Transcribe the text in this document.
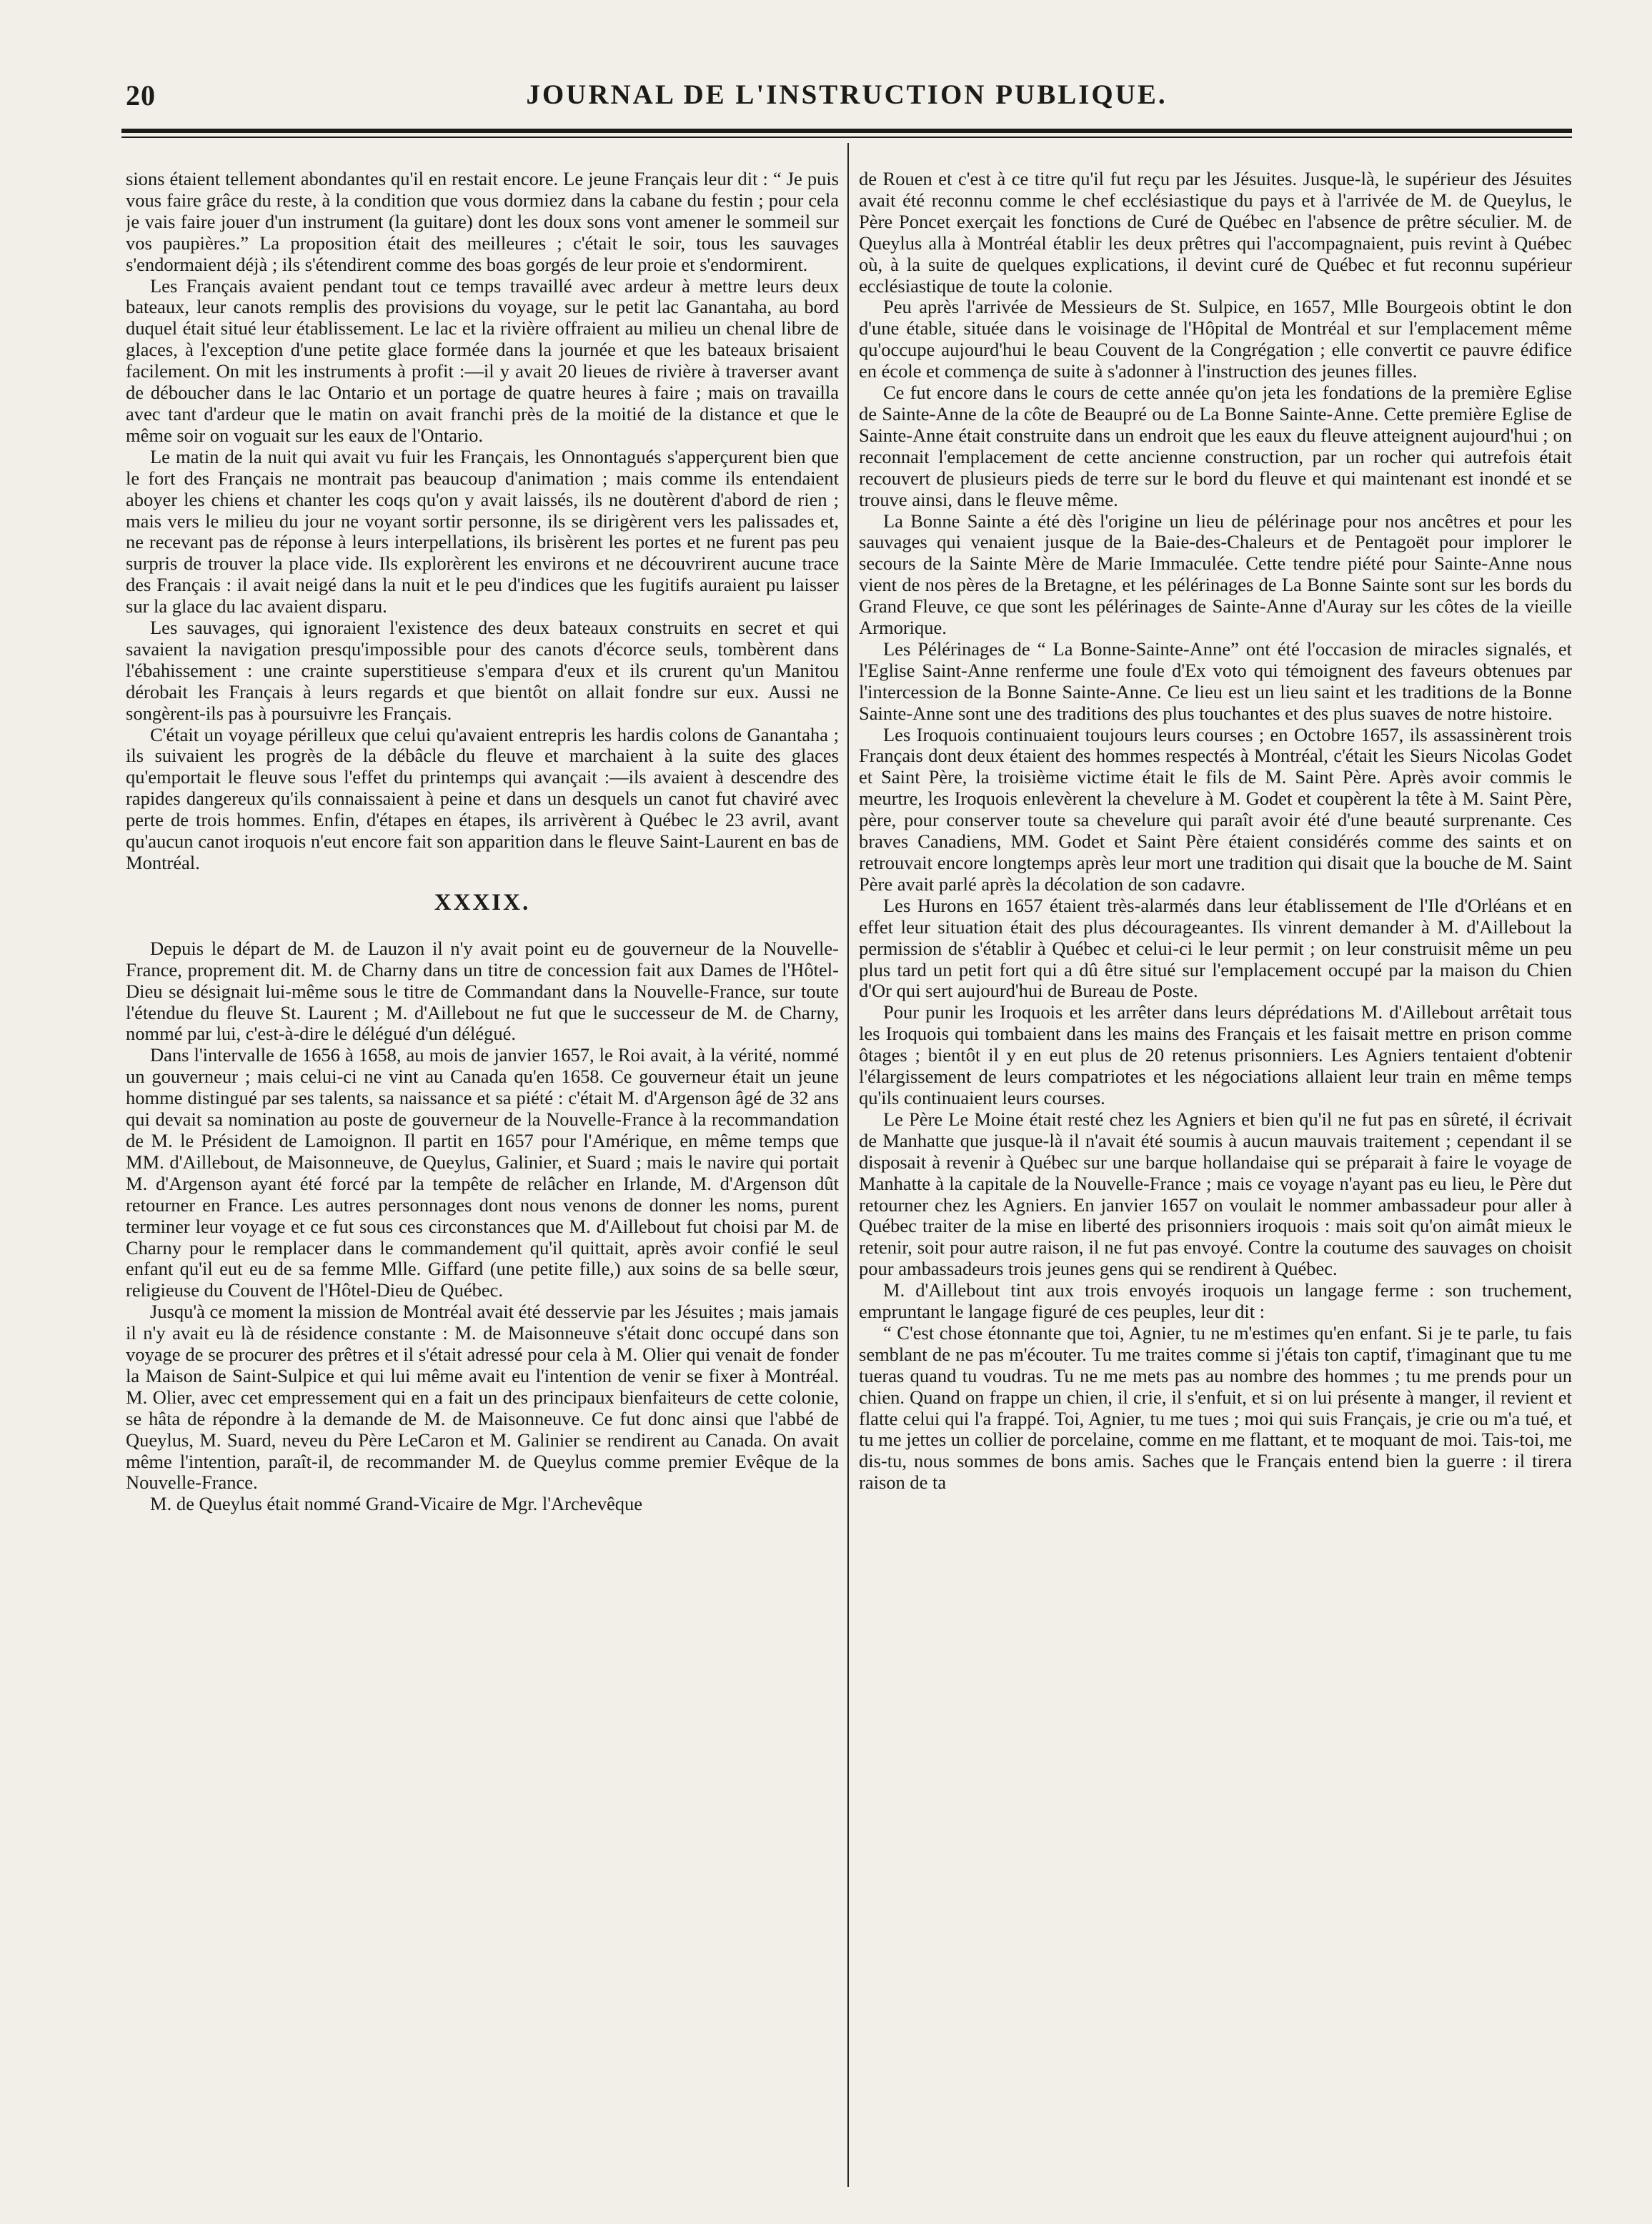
20	JOURNAL DE L'INSTRUCTION PUBLIQUE.

sions étaient tellement abondantes qu'il en restait encore. Le jeune Français leur dit : “ Je puis vous faire grâce du reste, à la condition que vous dormiez dans la cabane du festin ; pour cela je vais faire jouer d'un instrument (la guitare) dont les doux sons vont amener le sommeil sur vos paupières.” La proposition était des meilleures ; c'était le soir, tous les sauvages s'endormaient déjà ; ils s'étendirent comme des boas gorgés de leur proie et s'endormirent.

Les Français avaient pendant tout ce temps travaillé avec ardeur à mettre leurs deux bateaux, leur canots remplis des provisions du voyage, sur le petit lac Ganantaha, au bord duquel était situé leur établissement. Le lac et la rivière offraient au milieu un chenal libre de glaces, à l'exception d'une petite glace formée dans la journée et que les bateaux brisaient facilement. On mit les instruments à profit :—il y avait 20 lieues de rivière à traverser avant de déboucher dans le lac Ontario et un portage de quatre heures à faire ; mais on travailla avec tant d'ardeur que le matin on avait franchi près de la moitié de la distance et que le même soir on voguait sur les eaux de l'Ontario.

Le matin de la nuit qui avait vu fuir les Français, les Onnontagués s'apperçurent bien que le fort des Français ne montrait pas beaucoup d'animation ; mais comme ils entendaient aboyer les chiens et chanter les coqs qu'on y avait laissés, ils ne doutèrent d'abord de rien ; mais vers le milieu du jour ne voyant sortir personne, ils se dirigèrent vers les palissades et, ne recevant pas de réponse à leurs interpellations, ils brisèrent les portes et ne furent pas peu surpris de trouver la place vide. Ils explorèrent les environs et ne découvrirent aucune trace des Français : il avait neigé dans la nuit et le peu d'indices que les fugitifs auraient pu laisser sur la glace du lac avaient disparu.

Les sauvages, qui ignoraient l'existence des deux bateaux construits en secret et qui savaient la navigation presqu'impossible pour des canots d'écorce seuls, tombèrent dans l'ébahissement : une crainte superstitieuse s'empara d'eux et ils crurent qu'un Manitou dérobait les Français à leurs regards et que bientôt on allait fondre sur eux. Aussi ne songèrent-ils pas à poursuivre les Français.

C'était un voyage périlleux que celui qu'avaient entrepris les hardis colons de Ganantaha ; ils suivaient les progrès de la débâcle du fleuve et marchaient à la suite des glaces qu'emportait le fleuve sous l'effet du printemps qui avançait :—ils avaient à descendre des rapides dangereux qu'ils connaissaient à peine et dans un desquels un canot fut chaviré avec perte de trois hommes. Enfin, d'étapes en étapes, ils arrivèrent à Québec le 23 avril, avant qu'aucun canot iroquois n'eut encore fait son apparition dans le fleuve Saint-Laurent en bas de Montréal.

XXXIX.

Depuis le départ de M. de Lauzon il n'y avait point eu de gouverneur de la Nouvelle-France, proprement dit. M. de Charny dans un titre de concession fait aux Dames de l'Hôtel-Dieu se désignait lui-même sous le titre de Commandant dans la Nouvelle-France, sur toute l'étendue du fleuve St. Laurent ; M. d'Aillebout ne fut que le successeur de M. de Charny, nommé par lui, c'est-à-dire le délégué d'un délégué.

Dans l'intervalle de 1656 à 1658, au mois de janvier 1657, le Roi avait, à la vérité, nommé un gouverneur ; mais celui-ci ne vint au Canada qu'en 1658. Ce gouverneur était un jeune homme distingué par ses talents, sa naissance et sa piété : c'était M. d'Argenson âgé de 32 ans qui devait sa nomination au poste de gouverneur de la Nouvelle-France à la recommandation de M. le Président de Lamoignon. Il partit en 1657 pour l'Amérique, en même temps que MM. d'Aillebout, de Maisonneuve, de Queylus, Galinier, et Suard ; mais le navire qui portait M. d'Argenson ayant été forcé par la tempête de relâcher en Irlande, M. d'Argenson dût retourner en France. Les autres personnages dont nous venons de donner les noms, purent terminer leur voyage et ce fut sous ces circonstances que M. d'Aillebout fut choisi par M. de Charny pour le remplacer dans le commandement qu'il quittait, après avoir confié le seul enfant qu'il eut eu de sa femme Mlle. Giffard (une petite fille,) aux soins de sa belle sœur, religieuse du Couvent de l'Hôtel-Dieu de Québec.

Jusqu'à ce moment la mission de Montréal avait été desservie par les Jésuites ; mais jamais il n'y avait eu là de résidence constante : M. de Maisonneuve s'était donc occupé dans son voyage de se procurer des prêtres et il s'était adressé pour cela à M. Olier qui venait de fonder la Maison de Saint-Sulpice et qui lui même avait eu l'intention de venir se fixer à Montréal. M. Olier, avec cet empressement qui en a fait un des principaux bienfaiteurs de cette colonie, se hâta de répondre à la demande de M. de Maisonneuve. Ce fut donc ainsi que l'abbé de Queylus, M. Suard, neveu du Père LeCaron et M. Galinier se rendirent au Canada. On avait même l'intention, paraît-il, de recommander M. de Queylus comme premier Evêque de la Nouvelle-France.

M. de Queylus était nommé Grand-Vicaire de Mgr. l'Archevêque

de Rouen et c'est à ce titre qu'il fut reçu par les Jésuites. Jusque-là, le supérieur des Jésuites avait été reconnu comme le chef ecclésiastique du pays et à l'arrivée de M. de Queylus, le Père Poncet exerçait les fonctions de Curé de Québec en l'absence de prêtre séculier. M. de Queylus alla à Montréal établir les deux prêtres qui l'accompagnaient, puis revint à Québec où, à la suite de quelques explications, il devint curé de Québec et fut reconnu supérieur ecclésiastique de toute la colonie.

Peu après l'arrivée de Messieurs de St. Sulpice, en 1657, Mlle Bourgeois obtint le don d'une étable, située dans le voisinage de l'Hôpital de Montréal et sur l'emplacement même qu'occupe aujourd'hui le beau Couvent de la Congrégation ; elle convertit ce pauvre édifice en école et commença de suite à s'adonner à l'instruction des jeunes filles.

Ce fut encore dans le cours de cette année qu'on jeta les fondations de la première Eglise de Sainte-Anne de la côte de Beaupré ou de La Bonne Sainte-Anne. Cette première Eglise de Sainte-Anne était construite dans un endroit que les eaux du fleuve atteignent aujourd'hui ; on reconnait l'emplacement de cette ancienne construction, par un rocher qui autrefois était recouvert de plusieurs pieds de terre sur le bord du fleuve et qui maintenant est inondé et se trouve ainsi, dans le fleuve même.

La Bonne Sainte a été dès l'origine un lieu de pélérinage pour nos ancêtres et pour les sauvages qui venaient jusque de la Baie-des-Chaleurs et de Pentagoët pour implorer le secours de la Sainte Mère de Marie Immaculée. Cette tendre piété pour Sainte-Anne nous vient de nos pères de la Bretagne, et les pélérinages de La Bonne Sainte sont sur les bords du Grand Fleuve, ce que sont les pélérinages de Sainte-Anne d'Auray sur les côtes de la vieille Armorique.

Les Pélérinages de “ La Bonne-Sainte-Anne” ont été l'occasion de miracles signalés, et l'Eglise Saint-Anne renferme une foule d'Ex voto qui témoignent des faveurs obtenues par l'intercession de la Bonne Sainte-Anne. Ce lieu est un lieu saint et les traditions de la Bonne Sainte-Anne sont une des traditions des plus touchantes et des plus suaves de notre histoire.

Les Iroquois continuaient toujours leurs courses ; en Octobre 1657, ils assassinèrent trois Français dont deux étaient des hommes respectés à Montréal, c'était les Sieurs Nicolas Godet et Saint Père, la troisième victime était le fils de M. Saint Père. Après avoir commis le meurtre, les Iroquois enlevèrent la chevelure à M. Godet et coupèrent la tête à M. Saint Père, père, pour conserver toute sa chevelure qui paraît avoir été d'une beauté surprenante. Ces braves Canadiens, MM. Godet et Saint Père étaient considérés comme des saints et on retrouvait encore longtemps après leur mort une tradition qui disait que la bouche de M. Saint Père avait parlé après la décolation de son cadavre.

Les Hurons en 1657 étaient très-alarmés dans leur établissement de l'Ile d'Orléans et en effet leur situation était des plus décourageantes. Ils vinrent demander à M. d'Aillebout la permission de s'établir à Québec et celui-ci le leur permit ; on leur construisit même un peu plus tard un petit fort qui a dû être situé sur l'emplacement occupé par la maison du Chien d'Or qui sert aujourd'hui de Bureau de Poste.

Pour punir les Iroquois et les arrêter dans leurs déprédations M. d'Aillebout arrêtait tous les Iroquois qui tombaient dans les mains des Français et les faisait mettre en prison comme ôtages ; bientôt il y en eut plus de 20 retenus prisonniers. Les Agniers tentaient d'obtenir l'élargissement de leurs compatriotes et les négociations allaient leur train en même temps qu'ils continuaient leurs courses.

Le Père Le Moine était resté chez les Agniers et bien qu'il ne fut pas en sûreté, il écrivait de Manhatte que jusque-là il n'avait été soumis à aucun mauvais traitement ; cependant il se disposait à revenir à Québec sur une barque hollandaise qui se préparait à faire le voyage de Manhatte à la capitale de la Nouvelle-France ; mais ce voyage n'ayant pas eu lieu, le Père dut retourner chez les Agniers. En janvier 1657 on voulait le nommer ambassadeur pour aller à Québec traiter de la mise en liberté des prisonniers iroquois : mais soit qu'on aimât mieux le retenir, soit pour autre raison, il ne fut pas envoyé. Contre la coutume des sauvages on choisit pour ambassadeurs trois jeunes gens qui se rendirent à Québec.

M. d'Aillebout tint aux trois envoyés iroquois un langage ferme : son truchement, empruntant le langage figuré de ces peuples, leur dit :

“ C'est chose étonnante que toi, Agnier, tu ne m'estimes qu'en enfant. Si je te parle, tu fais semblant de ne pas m'écouter. Tu me traites comme si j'étais ton captif, t'imaginant que tu me tueras quand tu voudras. Tu ne me mets pas au nombre des hommes ; tu me prends pour un chien. Quand on frappe un chien, il crie, il s'enfuit, et si on lui présente à manger, il revient et flatte celui qui l'a frappé. Toi, Agnier, tu me tues ; moi qui suis Français, je crie ou m'a tué, et tu me jettes un collier de porcelaine, comme en me flattant, et te moquant de moi. Tais-toi, me dis-tu, nous sommes de bons amis. Saches que le Français entend bien la guerre : il tirera raison de ta
